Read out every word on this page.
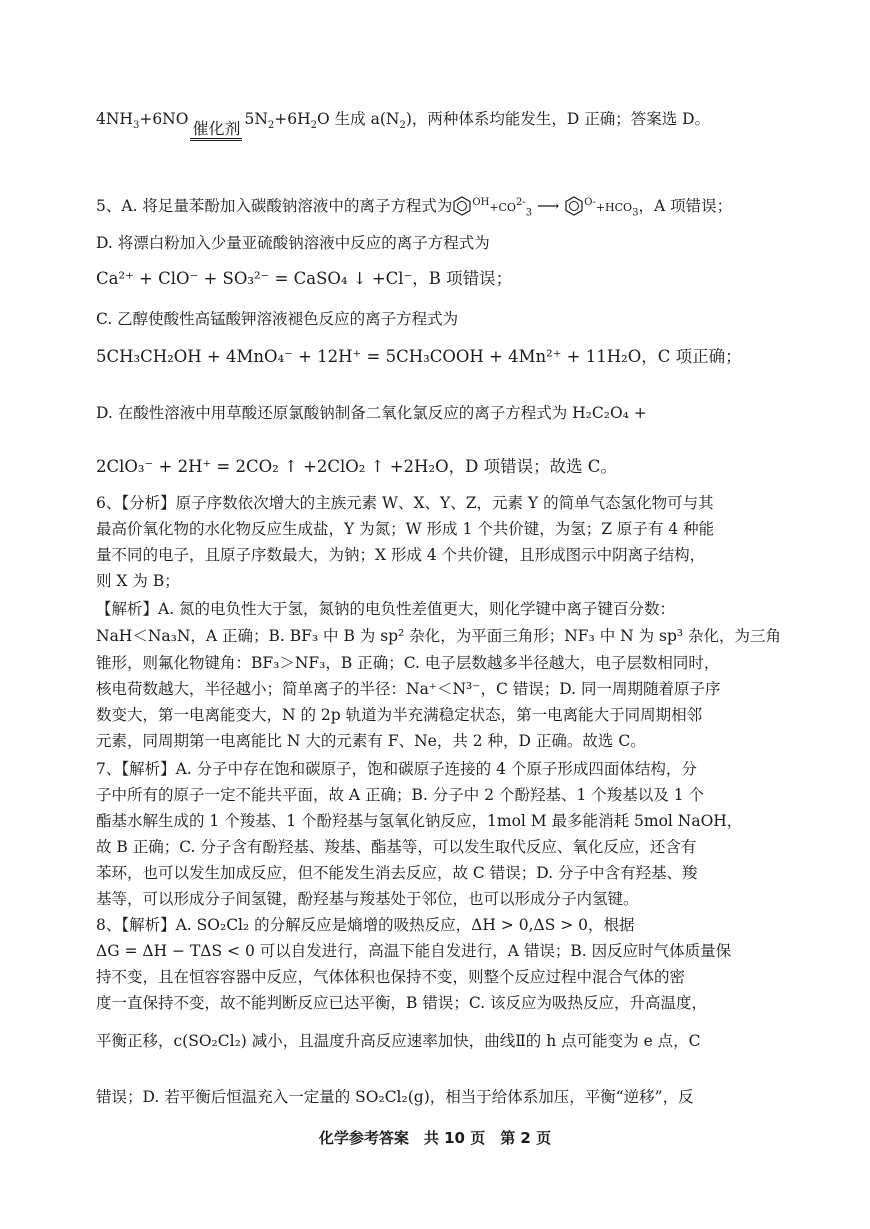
$4NH_3+6NO$ 催化剂 $5N_2+6H_2O$ 生成 $a(N_2)$，两种体系均能发生，D 正确；答案选 D。
5、A. 将足量苯酚加入碳酸钠溶液中的离子方程式为 $^{OH}+CO^{2-}_3$ ⟶ $^{O-}+HCO_3$，A 项错误；
D. 将漂白粉加入少量亚硫酸钠溶液中反应的离子方程式为
Ca²⁺ + ClO⁻ + SO₃²⁻ = CaSO₄ ↓ +Cl⁻，B 项错误；
C. 乙醇使酸性高锰酸钾溶液褪色反应的离子方程式为
5CH₃CH₂OH + 4MnO₄⁻ + 12H⁺ = 5CH₃COOH + 4Mn²⁺ + 11H₂O，C 项正确；
D. 在酸性溶液中用草酸还原氯酸钠制备二氧化氯反应的离子方程式为 H₂C₂O₄ +
2ClO₃⁻ + 2H⁺ = 2CO₂ ↑ +2ClO₂ ↑ +2H₂O，D 项错误；故选 C。
6、【分析】原子序数依次增大的主族元素 W、X、Y、Z，元素 Y 的简单气态氢化物可与其
最高价氧化物的水化物反应生成盐，Y 为氮；W 形成 1 个共价键，为氢；Z 原子有 4 种能
量不同的电子，且原子序数最大，为钠；X 形成 4 个共价键，且形成图示中阴离子结构，
则 X 为 B；
【解析】A. 氮的电负性大于氢，氮钠的电负性差值更大，则化学键中离子键百分数：
NaH＜Na₃N，A 正确；B. BF₃ 中 B 为 sp² 杂化，为平面三角形；NF₃ 中 N 为 sp³ 杂化，为三角
锥形，则氟化物键角：BF₃＞NF₃，B 正确；C. 电子层数越多半径越大，电子层数相同时，
核电荷数越大，半径越小；简单离子的半径：Na⁺＜N³⁻，C 错误；D. 同一周期随着原子序
数变大，第一电离能变大，N 的 2p 轨道为半充满稳定状态，第一电离能大于同周期相邻
元素，同周期第一电离能比 N 大的元素有 F、Ne，共 2 种，D 正确。故选 C。
7、【解析】A. 分子中存在饱和碳原子，饱和碳原子连接的 4 个原子形成四面体结构，分
子中所有的原子一定不能共平面，故 A 正确；B. 分子中 2 个酚羟基、1 个羧基以及 1 个
酯基水解生成的 1 个羧基、1 个酚羟基与氢氧化钠反应，1mol M 最多能消耗 5mol NaOH，
故 B 正确；C. 分子含有酚羟基、羧基、酯基等，可以发生取代反应、氧化反应，还含有
苯环，也可以发生加成反应，但不能发生消去反应，故 C 错误；D. 分子中含有羟基、羧
基等，可以形成分子间氢键，酚羟基与羧基处于邻位，也可以形成分子内氢键。
8、【解析】A. SO₂Cl₂ 的分解反应是熵增的吸热反应，ΔH > 0,ΔS > 0，根据
ΔG = ΔH − TΔS < 0 可以自发进行，高温下能自发进行，A 错误；B. 因反应时气体质量保
持不变，且在恒容容器中反应，气体体积也保持不变，则整个反应过程中混合气体的密
度一直保持不变，故不能判断反应已达平衡，B 错误；C. 该反应为吸热反应，升高温度，
平衡正移，c(SO₂Cl₂) 减小，且温度升高反应速率加快，曲线Ⅱ的 h 点可能变为 e 点，C
错误；D. 若平衡后恒温充入一定量的 SO₂Cl₂(g)，相当于给体系加压，平衡“逆移”，反
化学参考答案　共 10 页　第 2 页
